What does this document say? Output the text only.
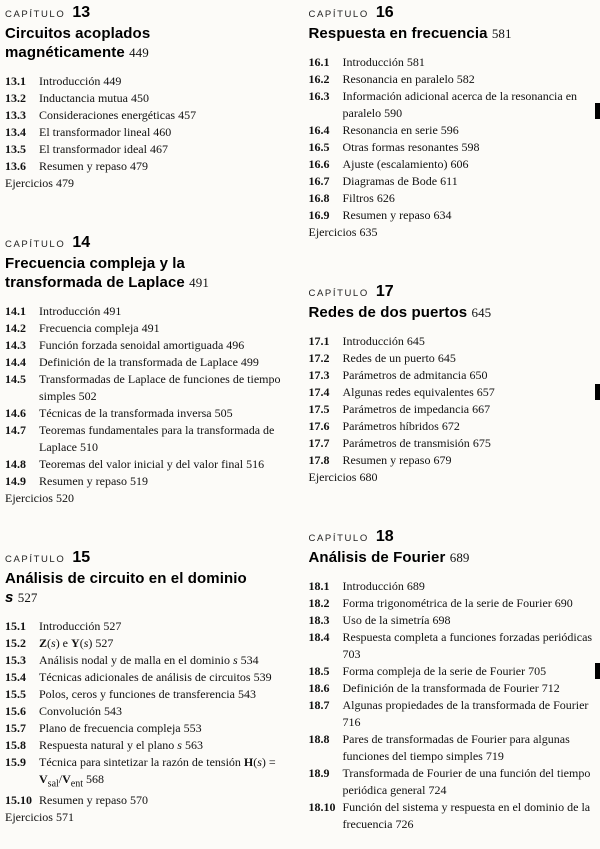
CAPÍTULO 13
Circuitos acoplados magnéticamente 449
13.1 Introducción 449
13.2 Inductancia mutua 450
13.3 Consideraciones energéticas 457
13.4 El transformador lineal 460
13.5 El transformador ideal 467
13.6 Resumen y repaso 479
Ejercicios 479
CAPÍTULO 14
Frecuencia compleja y la transformada de Laplace 491
14.1 Introducción 491
14.2 Frecuencia compleja 491
14.3 Función forzada senoidal amortiguada 496
14.4 Definición de la transformada de Laplace 499
14.5 Transformadas de Laplace de funciones de tiempo simples 502
14.6 Técnicas de la transformada inversa 505
14.7 Teoremas fundamentales para la transformada de Laplace 510
14.8 Teoremas del valor inicial y del valor final 516
14.9 Resumen y repaso 519
Ejercicios 520
CAPÍTULO 15
Análisis de circuito en el dominio s 527
15.1 Introducción 527
15.2 Z(s) e Y(s) 527
15.3 Análisis nodal y de malla en el dominio s 534
15.4 Técnicas adicionales de análisis de circuitos 539
15.5 Polos, ceros y funciones de transferencia 543
15.6 Convolución 543
15.7 Plano de frecuencia compleja 553
15.8 Respuesta natural y el plano s 563
15.9 Técnica para sintetizar la razón de tensión $H(s) = V_{sal}/V_{ent}$ 568
15.10 Resumen y repaso 570
Ejercicios 571
CAPÍTULO 16
Respuesta en frecuencia 581
16.1 Introducción 581
16.2 Resonancia en paralelo 582
16.3 Información adicional acerca de la resonancia en paralelo 590
16.4 Resonancia en serie 596
16.5 Otras formas resonantes 598
16.6 Ajuste (escalamiento) 606
16.7 Diagramas de Bode 611
16.8 Filtros 626
16.9 Resumen y repaso 634
Ejercicios 635
CAPÍTULO 17
Redes de dos puertos 645
17.1 Introducción 645
17.2 Redes de un puerto 645
17.3 Parámetros de admitancia 650
17.4 Algunas redes equivalentes 657
17.5 Parámetros de impedancia 667
17.6 Parámetros híbridos 672
17.7 Parámetros de transmisión 675
17.8 Resumen y repaso 679
Ejercicios 680
CAPÍTULO 18
Análisis de Fourier 689
18.1 Introducción 689
18.2 Forma trigonométrica de la serie de Fourier 690
18.3 Uso de la simetría 698
18.4 Respuesta completa a funciones forzadas periódicas 703
18.5 Forma compleja de la serie de Fourier 705
18.6 Definición de la transformada de Fourier 712
18.7 Algunas propiedades de la transformada de Fourier 716
18.8 Pares de transformadas de Fourier para algunas funciones del tiempo simples 719
18.9 Transformada de Fourier de una función del tiempo periódica general 724
18.10 Función del sistema y respuesta en el dominio de la frecuencia 726
